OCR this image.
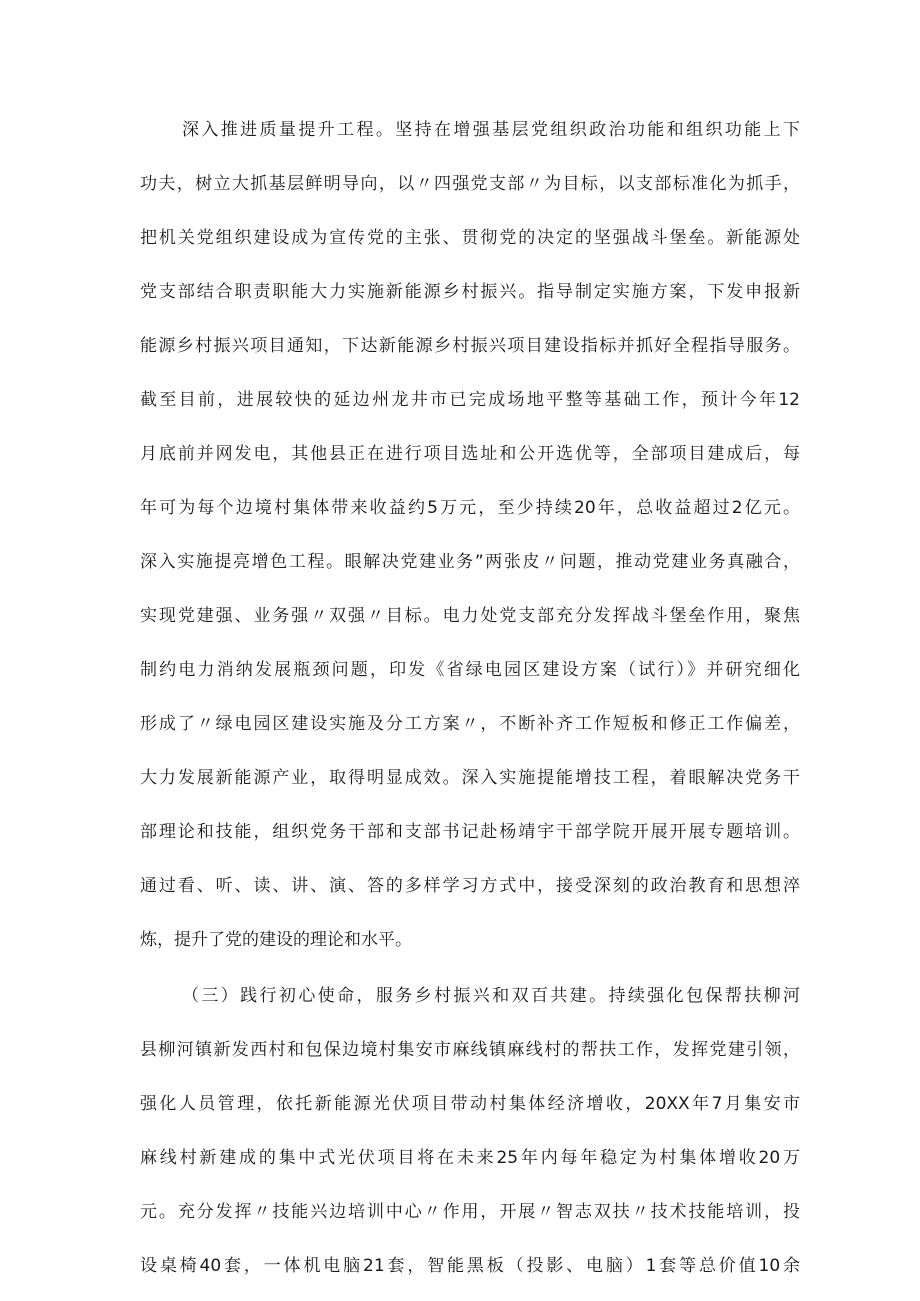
深入推进质量提升工程。坚持在增强基层党组织政治功能和组织功能上下
功夫，树立大抓基层鲜明导向，以〃四强党支部〃为目标，以支部标准化为抓手，
把机关党组织建设成为宣传党的主张、贯彻党的决定的坚强战斗堡垒。新能源处
党支部结合职责职能大力实施新能源乡村振兴。指导制定实施方案，下发申报新
能源乡村振兴项目通知，下达新能源乡村振兴项目建设指标并抓好全程指导服务。
截至目前，进展较快的延边州龙井市已完成场地平整等基础工作，预计今年12
月底前并网发电，其他县正在进行项目选址和公开选优等，全部项目建成后，每
年可为每个边境村集体带来收益约5万元，至少持续20年，总收益超过2亿元。
深入实施提亮增色工程。眼解决党建业务”两张皮〃问题，推动党建业务真融合，
实现党建强、业务强〃双强〃目标。电力处党支部充分发挥战斗堡垒作用，聚焦
制约电力消纳发展瓶颈问题，印发《省绿电园区建设方案（试行）》并研究细化
形成了〃绿电园区建设实施及分工方案〃，不断补齐工作短板和修正工作偏差，
大力发展新能源产业，取得明显成效。深入实施提能增技工程，着眼解决党务干
部理论和技能，组织党务干部和支部书记赴杨靖宇干部学院开展开展专题培训。
通过看、听、读、讲、演、答的多样学习方式中，接受深刻的政治教育和思想淬
炼，提升了党的建设的理论和水平。
（三）践行初心使命，服务乡村振兴和双百共建。持续强化包保帮扶柳河
县柳河镇新发西村和包保边境村集安市麻线镇麻线村的帮扶工作，发挥党建引领，
强化人员管理，依托新能源光伏项目带动村集体经济增收，20XX年7月集安市
麻线村新建成的集中式光伏项目将在未来25年内每年稳定为村集体增收20万
元。充分发挥〃技能兴边培训中心〃作用，开展〃智志双扶〃技术技能培训，投
设桌椅40套，一体机电脑21套，智能黑板（投影、电脑）1套等总价值10余
